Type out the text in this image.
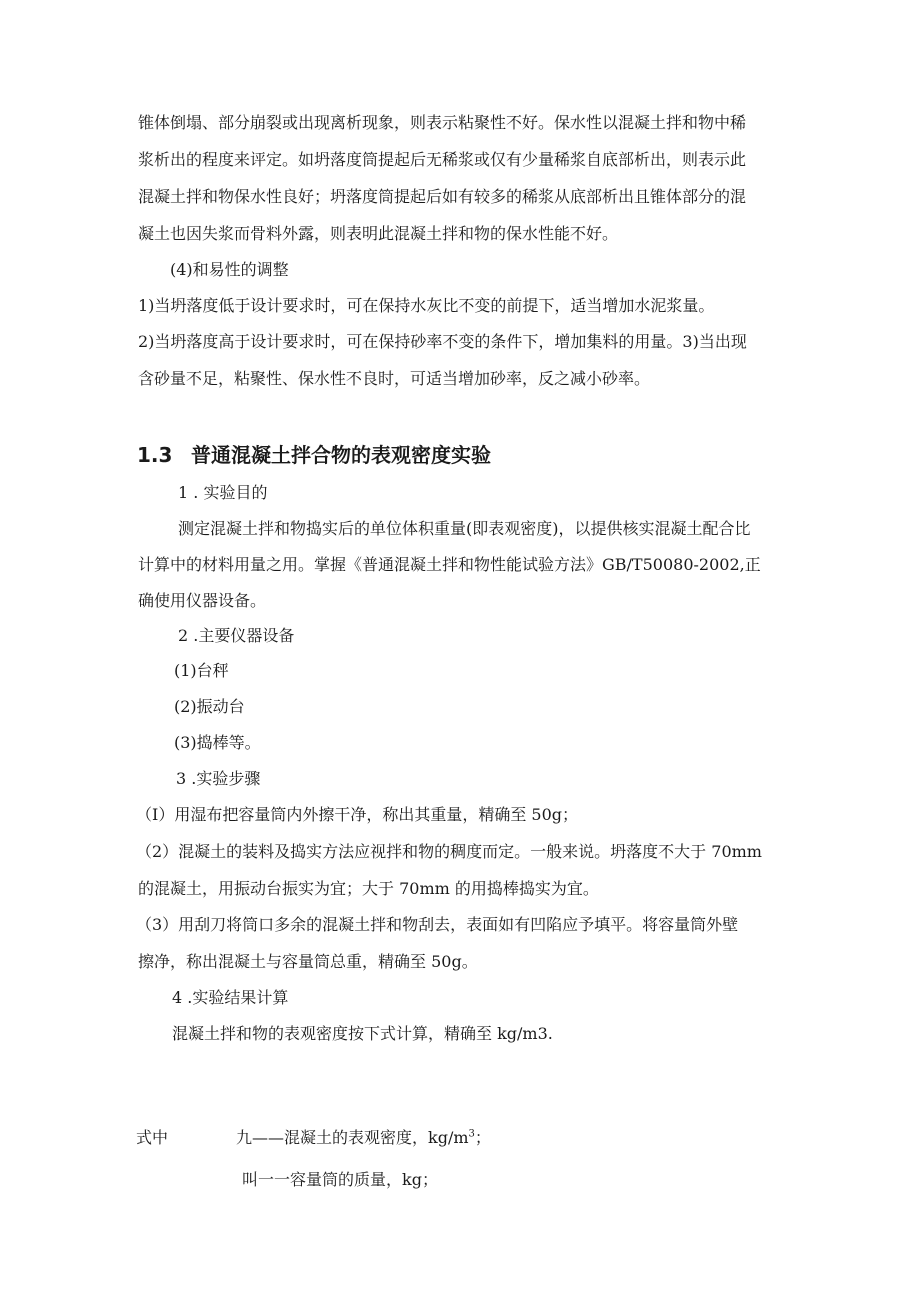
锥体倒塌、部分崩裂或出现离析现象，则表示粘聚性不好。保水性以混凝土拌和物中稀
浆析出的程度来评定。如坍落度筒提起后无稀浆或仅有少量稀浆自底部析出，则表示此
混凝土拌和物保水性良好；坍落度筒提起后如有较多的稀浆从底部析出且锥体部分的混
凝土也因失浆而骨料外露，则表明此混凝土拌和物的保水性能不好。
(4)和易性的调整
1)当坍落度低于设计要求时，可在保持水灰比不变的前提下，适当增加水泥浆量。
2)当坍落度高于设计要求时，可在保持砂率不变的条件下，增加集料的用量。3)当出现
含砂量不足，粘聚性、保水性不良时，可适当增加砂率，反之减小砂率。
1.3 普通混凝土拌合物的表观密度实验
1 . 实验目的
测定混凝土拌和物捣实后的单位体积重量(即表观密度)，以提供核实混凝土配合比
计算中的材料用量之用。掌握《普通混凝土拌和物性能试验方法》GB/T50080-2002,正
确使用仪器设备。
2 .主要仪器设备
(1)台秤
(2)振动台
(3)捣棒等。
3 .实验步骤
（I）用湿布把容量筒内外擦干净，称出其重量，精确至 50g；
（2）混凝土的装料及捣实方法应视拌和物的稠度而定。一般来说。坍落度不大于 70mm
的混凝土，用振动台振实为宜；大于 70mm 的用捣棒捣实为宜。
（3）用刮刀将筒口多余的混凝土拌和物刮去，表面如有凹陷应予填平。将容量筒外壁
擦净，称出混凝土与容量筒总重，精确至 50g。
4 .实验结果计算
混凝土拌和物的表观密度按下式计算，精确至 kg∕m3.
式中	九——混凝土的表观密度，$kg/m^3$；
叫一一容量筒的质量，kg；
